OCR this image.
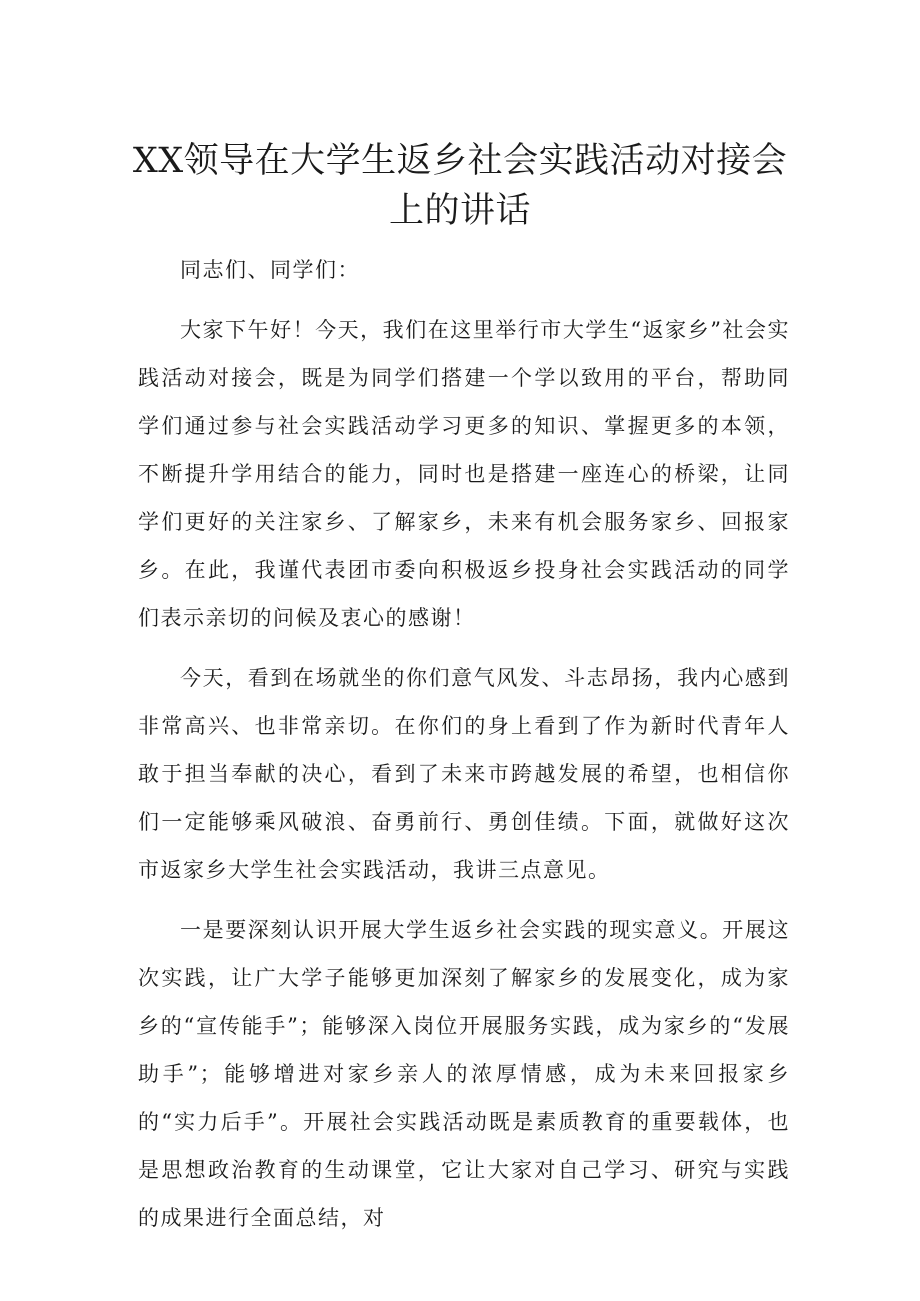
XX领导在大学生返乡社会实践活动对接会上的讲话

同志们、同学们：

大家下午好！今天，我们在这里举行市大学生“返家乡”社会实践活动对接会，既是为同学们搭建一个学以致用的平台，帮助同学们通过参与社会实践活动学习更多的知识、掌握更多的本领，不断提升学用结合的能力，同时也是搭建一座连心的桥梁，让同学们更好的关注家乡、了解家乡，未来有机会服务家乡、回报家乡。在此，我谨代表团市委向积极返乡投身社会实践活动的同学们表示亲切的问候及衷心的感谢！

今天，看到在场就坐的你们意气风发、斗志昂扬，我内心感到非常高兴、也非常亲切。在你们的身上看到了作为新时代青年人敢于担当奉献的决心，看到了未来市跨越发展的希望，也相信你们一定能够乘风破浪、奋勇前行、勇创佳绩。下面，就做好这次市返家乡大学生社会实践活动，我讲三点意见。

一是要深刻认识开展大学生返乡社会实践的现实意义。开展这次实践，让广大学子能够更加深刻了解家乡的发展变化，成为家乡的“宣传能手”；能够深入岗位开展服务实践，成为家乡的“发展助手”；能够增进对家乡亲人的浓厚情感，成为未来回报家乡的“实力后手”。开展社会实践活动既是素质教育的重要载体，也是思想政治教育的生动课堂，它让大家对自己学习、研究与实践的成果进行全面总结，对
